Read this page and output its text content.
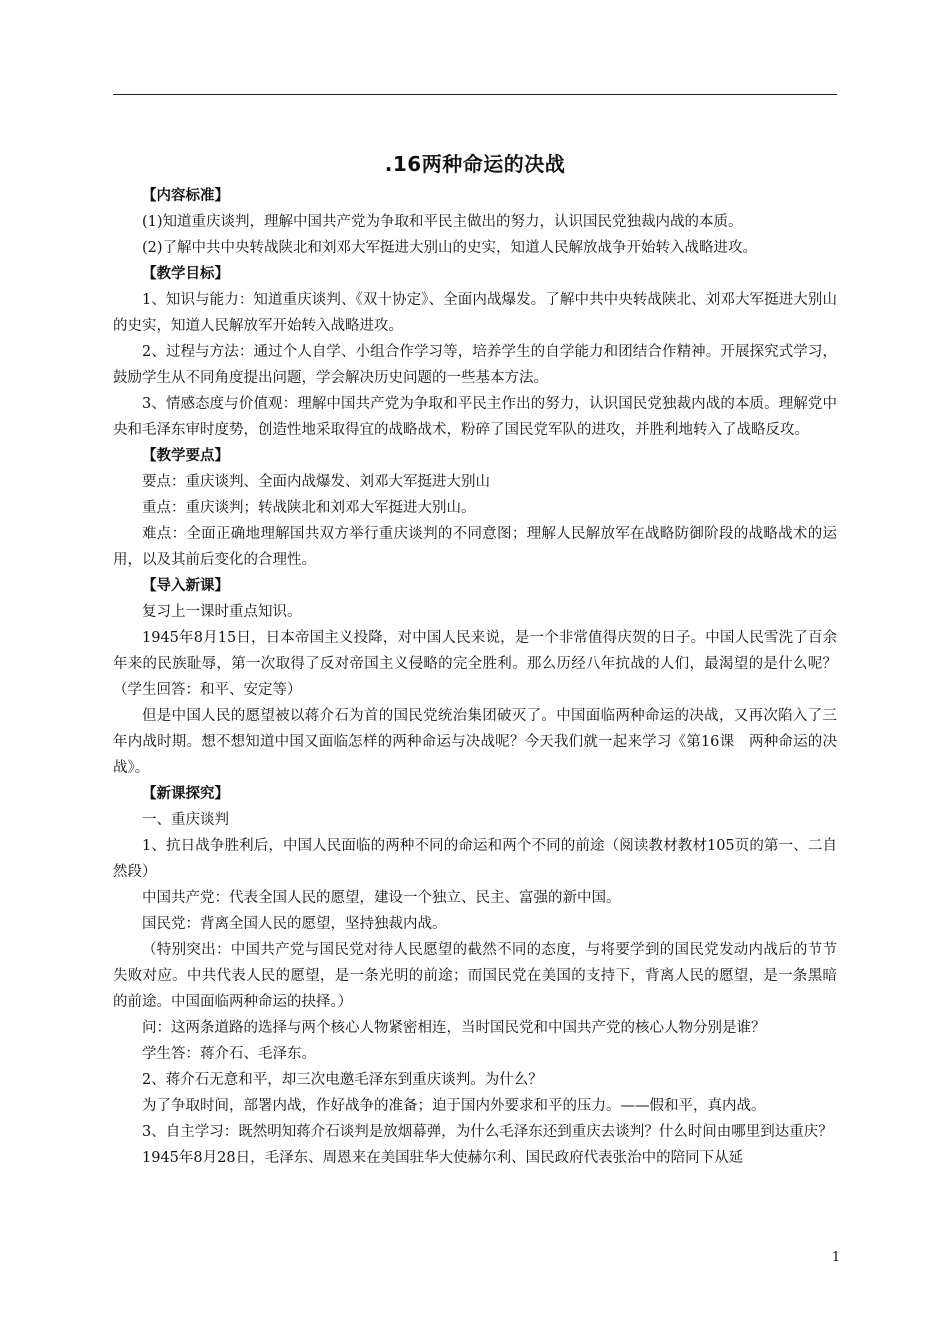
.16两种命运的决战

【内容标准】

(1)知道重庆谈判，理解中国共产党为争取和平民主做出的努力，认识国民党独裁内战的本质。

(2)了解中共中央转战陕北和刘邓大军挺进大别山的史实，知道人民解放战争开始转入战略进攻。

【教学目标】

1、知识与能力：知道重庆谈判、《双十协定》、全面内战爆发。了解中共中央转战陕北、刘邓大军挺进大别山的史实，知道人民解放军开始转入战略进攻。

2、过程与方法：通过个人自学、小组合作学习等，培养学生的自学能力和团结合作精神。开展探究式学习，鼓励学生从不同角度提出问题，学会解决历史问题的一些基本方法。

3、情感态度与价值观：理解中国共产党为争取和平民主作出的努力，认识国民党独裁内战的本质。理解党中央和毛泽东审时度势，创造性地采取得宜的战略战术，粉碎了国民党军队的进攻，并胜利地转入了战略反攻。

【教学要点】

要点：重庆谈判、全面内战爆发、刘邓大军挺进大别山

重点：重庆谈判；转战陕北和刘邓大军挺进大别山。

难点：全面正确地理解国共双方举行重庆谈判的不同意图；理解人民解放军在战略防御阶段的战略战术的运用，以及其前后变化的合理性。

【导入新课】

复习上一课时重点知识。

1945年8月15日，日本帝国主义投降，对中国人民来说，是一个非常值得庆贺的日子。中国人民雪洗了百余年来的民族耻辱，第一次取得了反对帝国主义侵略的完全胜利。那么历经八年抗战的人们，最渴望的是什么呢？（学生回答：和平、安定等）

但是中国人民的愿望被以蒋介石为首的国民党统治集团破灭了。中国面临两种命运的决战，又再次陷入了三年内战时期。想不想知道中国又面临怎样的两种命运与决战呢？今天我们就一起来学习《第16课　两种命运的决战》。

【新课探究】

一、重庆谈判

1、抗日战争胜利后，中国人民面临的两种不同的命运和两个不同的前途（阅读教材教材105页的第一、二自然段）

中国共产党：代表全国人民的愿望，建设一个独立、民主、富强的新中国。

国民党：背离全国人民的愿望，坚持独裁内战。

（特别突出：中国共产党与国民党对待人民愿望的截然不同的态度，与将要学到的国民党发动内战后的节节失败对应。中共代表人民的愿望，是一条光明的前途；而国民党在美国的支持下，背离人民的愿望，是一条黑暗的前途。中国面临两种命运的抉择。）

问：这两条道路的选择与两个核心人物紧密相连，当时国民党和中国共产党的核心人物分别是谁？

学生答：蒋介石、毛泽东。

2、蒋介石无意和平，却三次电邀毛泽东到重庆谈判。为什么？

为了争取时间，部署内战，作好战争的准备；迫于国内外要求和平的压力。——假和平，真内战。

3、自主学习：既然明知蒋介石谈判是放烟幕弹，为什么毛泽东还到重庆去谈判？什么时间由哪里到达重庆？

1945年8月28日，毛泽东、周恩来在美国驻华大使赫尔利、国民政府代表张治中的陪同下从延

1
